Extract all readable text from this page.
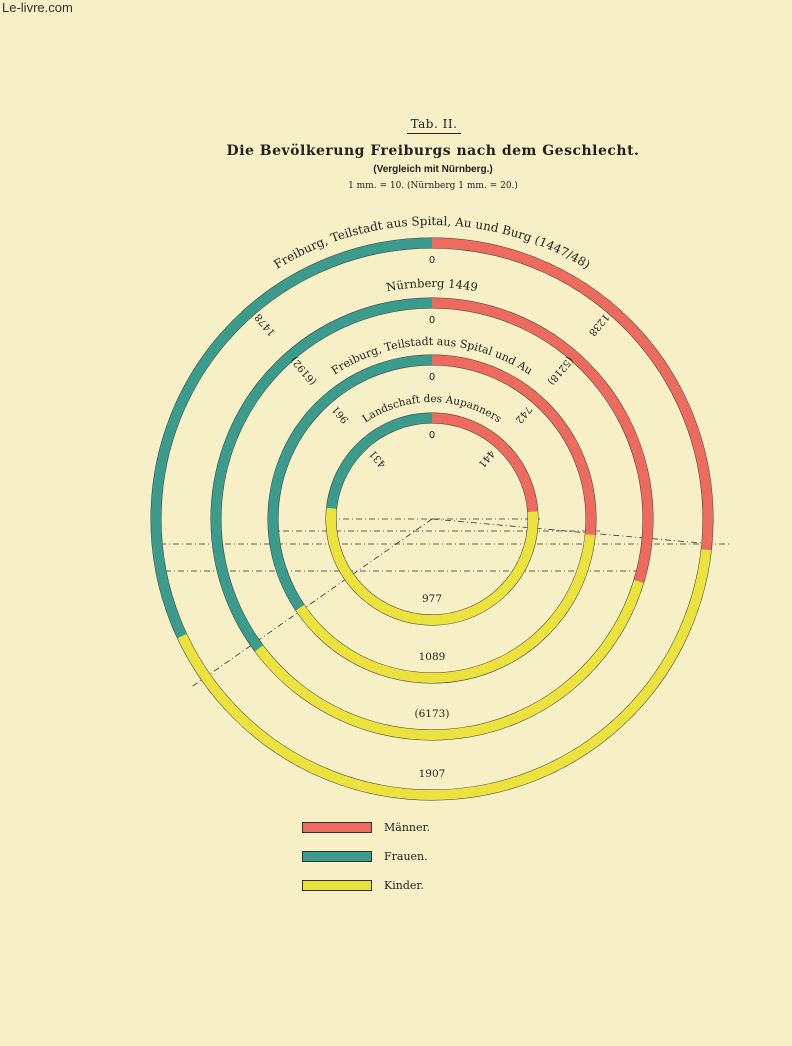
Le-livre.com
Tab. II.
Die Bevölkerung Freiburgs nach dem Geschlecht.
(Vergleich mit Nürnberg.)
1 mm. = 10. (Nürnberg 1 mm. = 20.)
1238
1907
1478
0
Freiburg, Teilstadt aus Spital, Au und Burg (1447/48)
(5218)
(6173)
(6192)
0
Nürnberg 1449
742
1089
961
0
Freiburg, Teilstadt aus Spital und Au
441
977
431
0
Landschaft des Aupanners
Männer.
Frauen.
Kinder.
